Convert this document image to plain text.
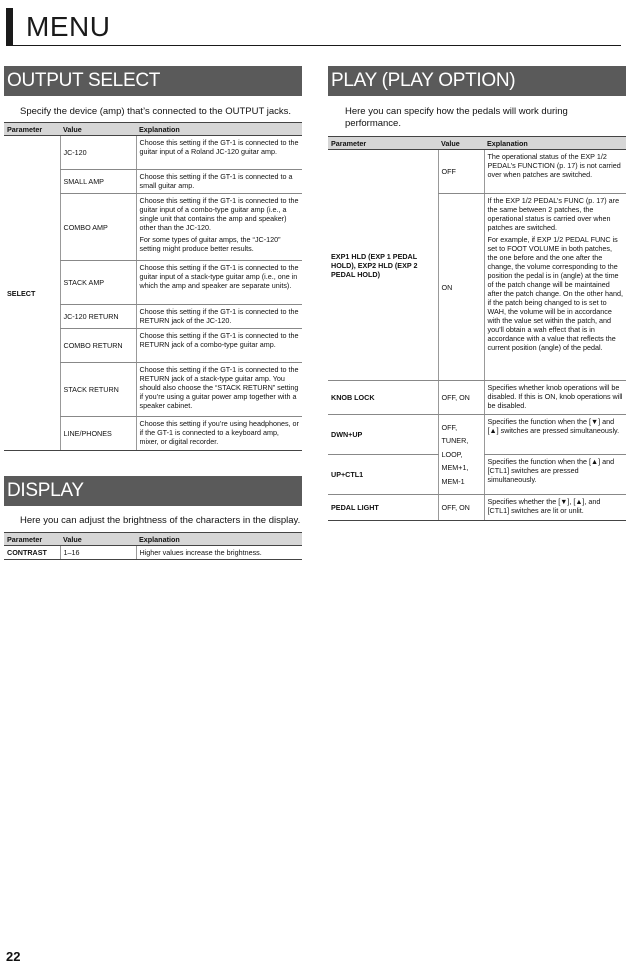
MENU
OUTPUT SELECT
Specify the device (amp) that’s connected to the OUTPUT jacks.
Parameter	Value	Explanation
SELECT	JC-120	Choose this setting if the GT-1 is connected to the guitar input of a Roland JC-120 guitar amp.
	SMALL AMP	Choose this setting if the GT-1 is connected to a small guitar amp.
	COMBO AMP	Choose this setting if the GT-1 is connected to the guitar input of a combo-type guitar amp (i.e., a single unit that contains the amp and speaker) other than the JC-120.
For some types of guitar amps, the “JC-120” setting might produce better results.

	STACK AMP	Choose this setting if the GT-1 is connected to the guitar input of a stack-type guitar amp (i.e., one in which the amp and speaker are separate units).
	JC-120 RETURN	Choose this setting if the GT-1 is connected to the RETURN jack of the JC-120.
	COMBO RETURN	Choose this setting if the GT-1 is connected to the RETURN jack of a combo-type guitar amp.
	STACK RETURN	Choose this setting if the GT-1 is connected to the RETURN jack of a stack-type guitar amp. You should also choose the “STACK RETURN” setting if you’re using a guitar power amp together with a speaker cabinet.
	LINE/PHONES	Choose this setting if you’re using headphones, or if the GT-1 is connected to a keyboard amp, mixer, or digital recorder.
DISPLAY
Here you can adjust the brightness of the characters in the display.
Parameter	Value	Explanation
CONTRAST	1–16	Higher values increase the brightness.
PLAY (PLAY OPTION)
Here you can specify how the pedals will work during performance.
Parameter	Value	Explanation
EXP1 HLD (EXP 1 PEDAL HOLD), EXP2 HLD (EXP 2 PEDAL HOLD)	OFF	The operational status of the EXP 1/2 PEDAL’s FUNCTION (p. 17) is not carried over when patches are switched.
	ON	If the EXP 1/2 PEDAL’s FUNC (p. 17) are the same between 2 patches, the operational status is carried over when patches are switched.
For example, if EXP 1/2 PEDAL FUNC is set to FOOT VOLUME in both patches, the one before and the one after the change, the volume corresponding to the position the pedal is in (angle) at the time of the patch change will be maintained after the patch change. On the other hand, if the patch being changed to is set to WAH, the volume will be in accordance with the value set within the patch, and you’ll obtain a wah effect that is in accordance with a value that reflects the current position (angle) of the pedal.

KNOB LOCK	OFF, ON	Specifies whether knob operations will be disabled. If this is ON, knob operations will be disabled.
DWN+UP	OFF,
TUNER,
LOOP,
MEM+1,
MEM-1	Specifies the function when the [▼] and [▲] switches are pressed simultaneously.
UP+CTL1		Specifies the function when the [▲] and [CTL1] switches are pressed simultaneously.
PEDAL LIGHT	OFF, ON	Specifies whether the [▼], [▲], and [CTL1] switches are lit or unlit.
22
